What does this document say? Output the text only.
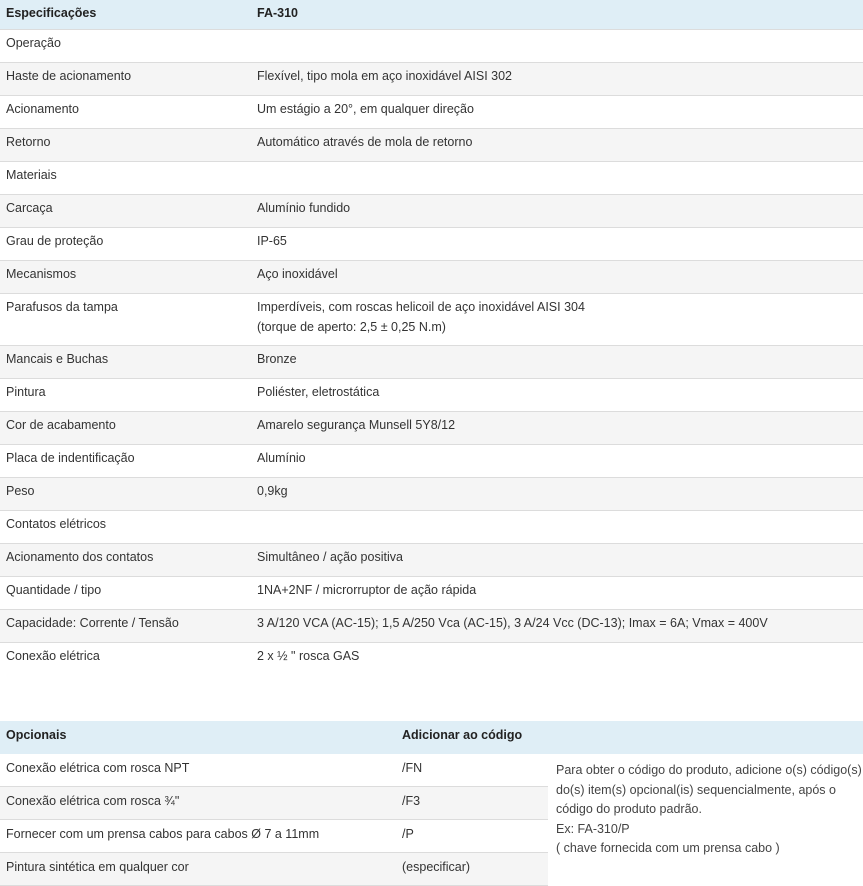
Especificações	FA-310
Operação
Haste de acionamento	Flexível, tipo mola em aço inoxidável AISI 302
Acionamento	Um estágio a 20°, em qualquer direção
Retorno	Automático através de mola de retorno
Materiais
Carcaça	Alumínio fundido
Grau de proteção	IP-65
Mecanismos	Aço inoxidável
Parafusos da tampa	Imperdíveis, com roscas helicoil de aço inoxidável AISI 304
(torque de aperto: 2,5 ± 0,25 N.m)
Mancais e Buchas	Bronze
Pintura	Poliéster, eletrostática
Cor de acabamento	Amarelo segurança Munsell 5Y8/12
Placa de indentificação	Alumínio
Peso	0,9kg
Contatos elétricos
Acionamento dos contatos	Simultâneo / ação positiva
Quantidade / tipo	1NA+2NF / microrruptor de ação rápida
Capacidade: Corrente / Tensão	3 A/120 VCA (AC-15); 1,5 A/250 Vca (AC-15), 3 A/24 Vcc (DC-13); Imax = 6A; Vmax = 400V
Conexão elétrica	2 x ½ " rosca GAS
Opcionais	Adicionar ao código
Conexão elétrica com rosca NPT	/FN
Conexão elétrica com rosca ¾"	/F3
Fornecer com um prensa cabos para cabos Ø 7 a 11mm	/P
Pintura sintética em qualquer cor	(especificar)
Para obter o código do produto, adicione o(s) código(s)
do(s) item(s) opcional(is) sequencialmente, após o
código do produto padrão.
Ex: FA-310/P
( chave fornecida com um prensa cabo )
